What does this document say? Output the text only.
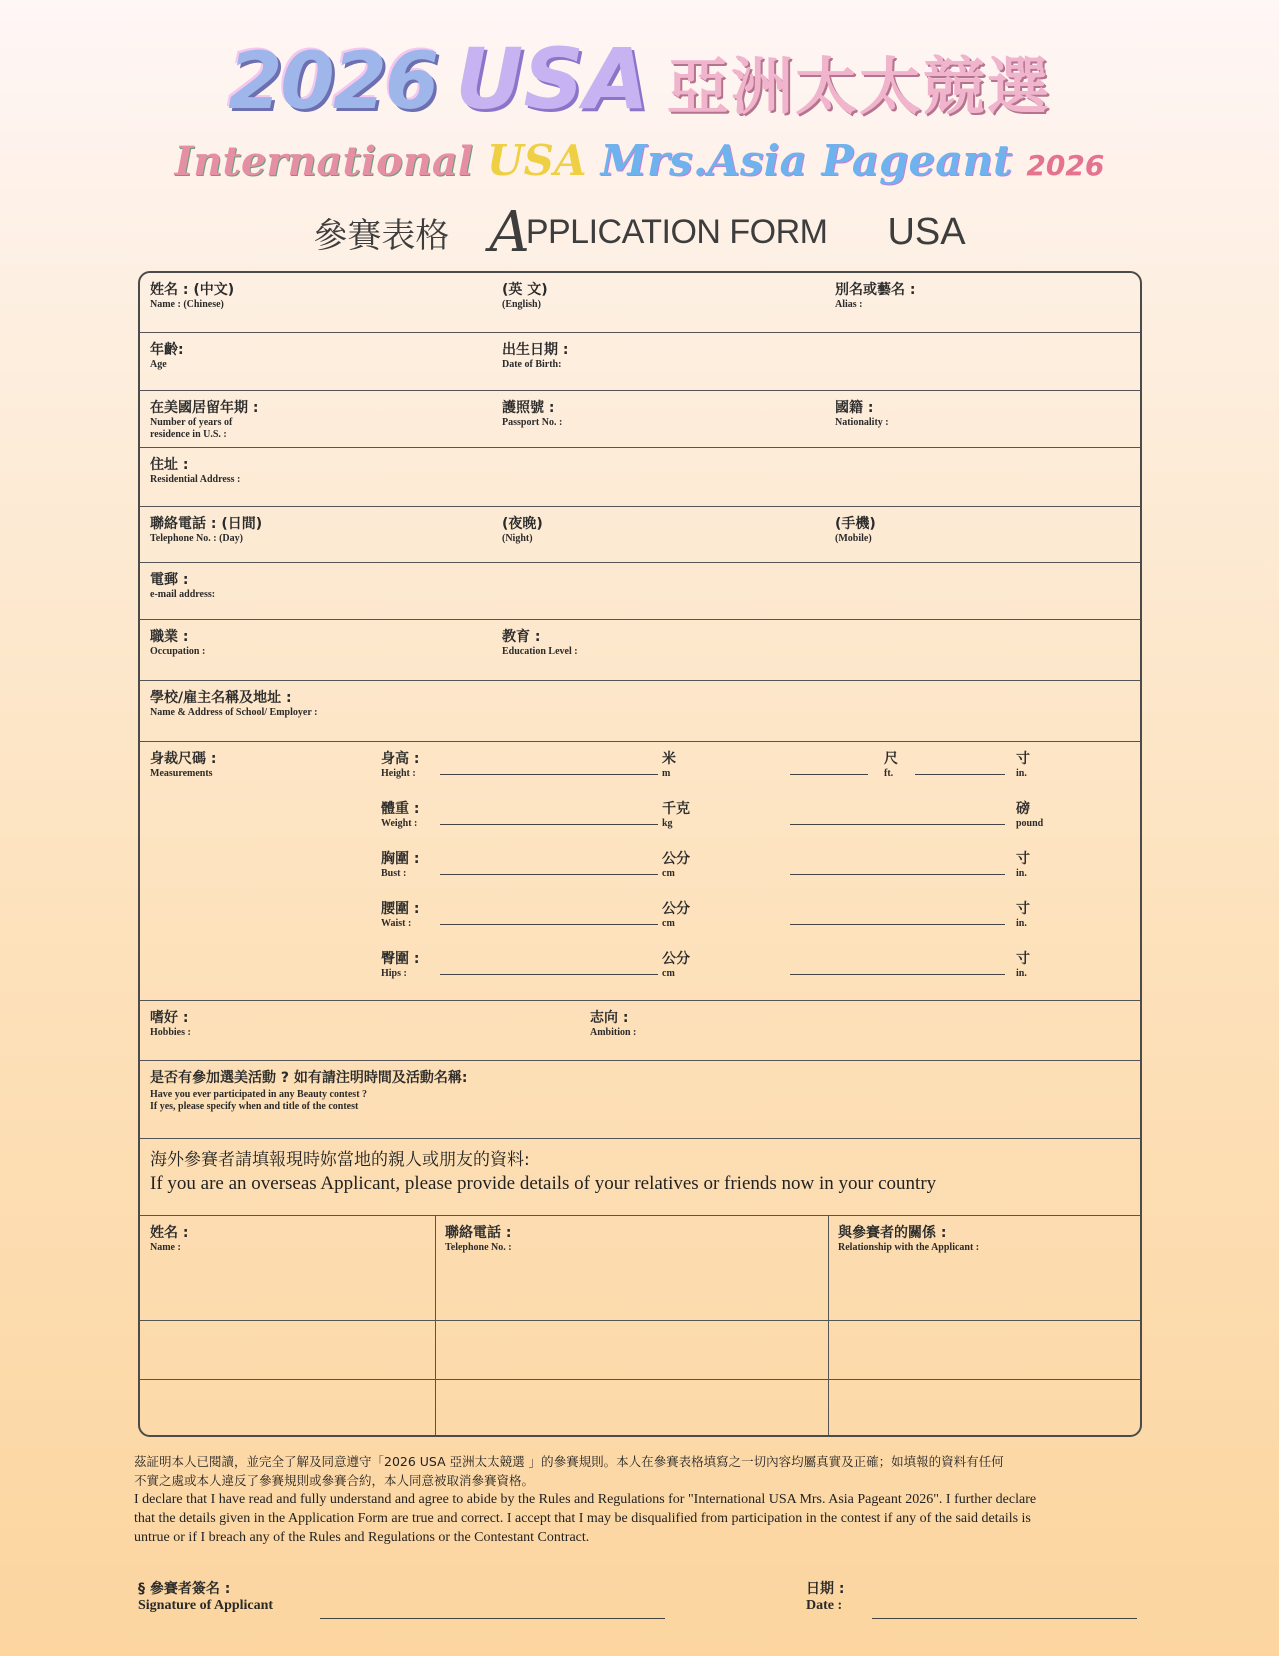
2026 USA 亞洲太太競選
International USA Mrs.Asia Pageant 2026
參賽表格 A
PPLICATION FORM USA
姓名 : (中文)
Name : (Chinese)
(英 文)
(English)
別名或藝名 :
Alias :
年齡:
Age
出生日期 :
Date of Birth:
在美國居留年期 :
Number of years of
residence in U.S. :
護照號 :
Passport No. :
國籍 :
Nationality :
住址 :
Residential Address :
聯絡電話 : (日間)
Telephone No. : (Day)
(夜晚)
(Night)
(手機)
(Mobile)
電郵 :
e-mail address:
職業 :
Occupation :
教育 :
Education Level :
學校/雇主名稱及地址 :
Name & Address of School/ Employer :
身裁尺碼 :
Measurements
身高 :
Height :
米
m
尺
ft.
寸
in.
體重 :
Weight :
千克
kg
磅
pound
胸圍 :
Bust :
公分
cm
寸
in.
腰圍 :
Waist :
公分
cm
寸
in.
臀圍 :
Hips :
公分
cm
寸
in.
嗜好 :
Hobbies :
志向 :
Ambition :
是否有參加選美活動 ? 如有請注明時間及活動名稱:
Have you ever participated in any Beauty contest ?
If yes, please specify when and title of the contest
海外參賽者請填報現時妳當地的親人或朋友的資料:
If you are an overseas Applicant, please provide details of your relatives or friends now in your country
姓名 :
Name :
聯絡電話 :
Telephone No. :
與參賽者的關係 :
Relationship with the Applicant :
茲証明本人已閱讀，並完全了解及同意遵守「2026 USA 亞洲太太競選 」的參賽規則。本人在參賽表格填寫之一切內容均屬真實及正確；如填報的資料有任何
不實之處或本人違反了參賽規則或參賽合約，本人同意被取消參賽資格。
I declare that I have read and fully understand and agree to abide by the Rules and Regulations for "International USA Mrs. Asia Pageant 2026". I further declare
that the details given in the Application Form are true and correct. I accept that I may be disqualified from participation in the contest if any of the said details is
untrue or if I breach any of the Rules and Regulations or the Contestant Contract.
§ 參賽者簽名 :
Signature of Applicant
日期 :
Date :
